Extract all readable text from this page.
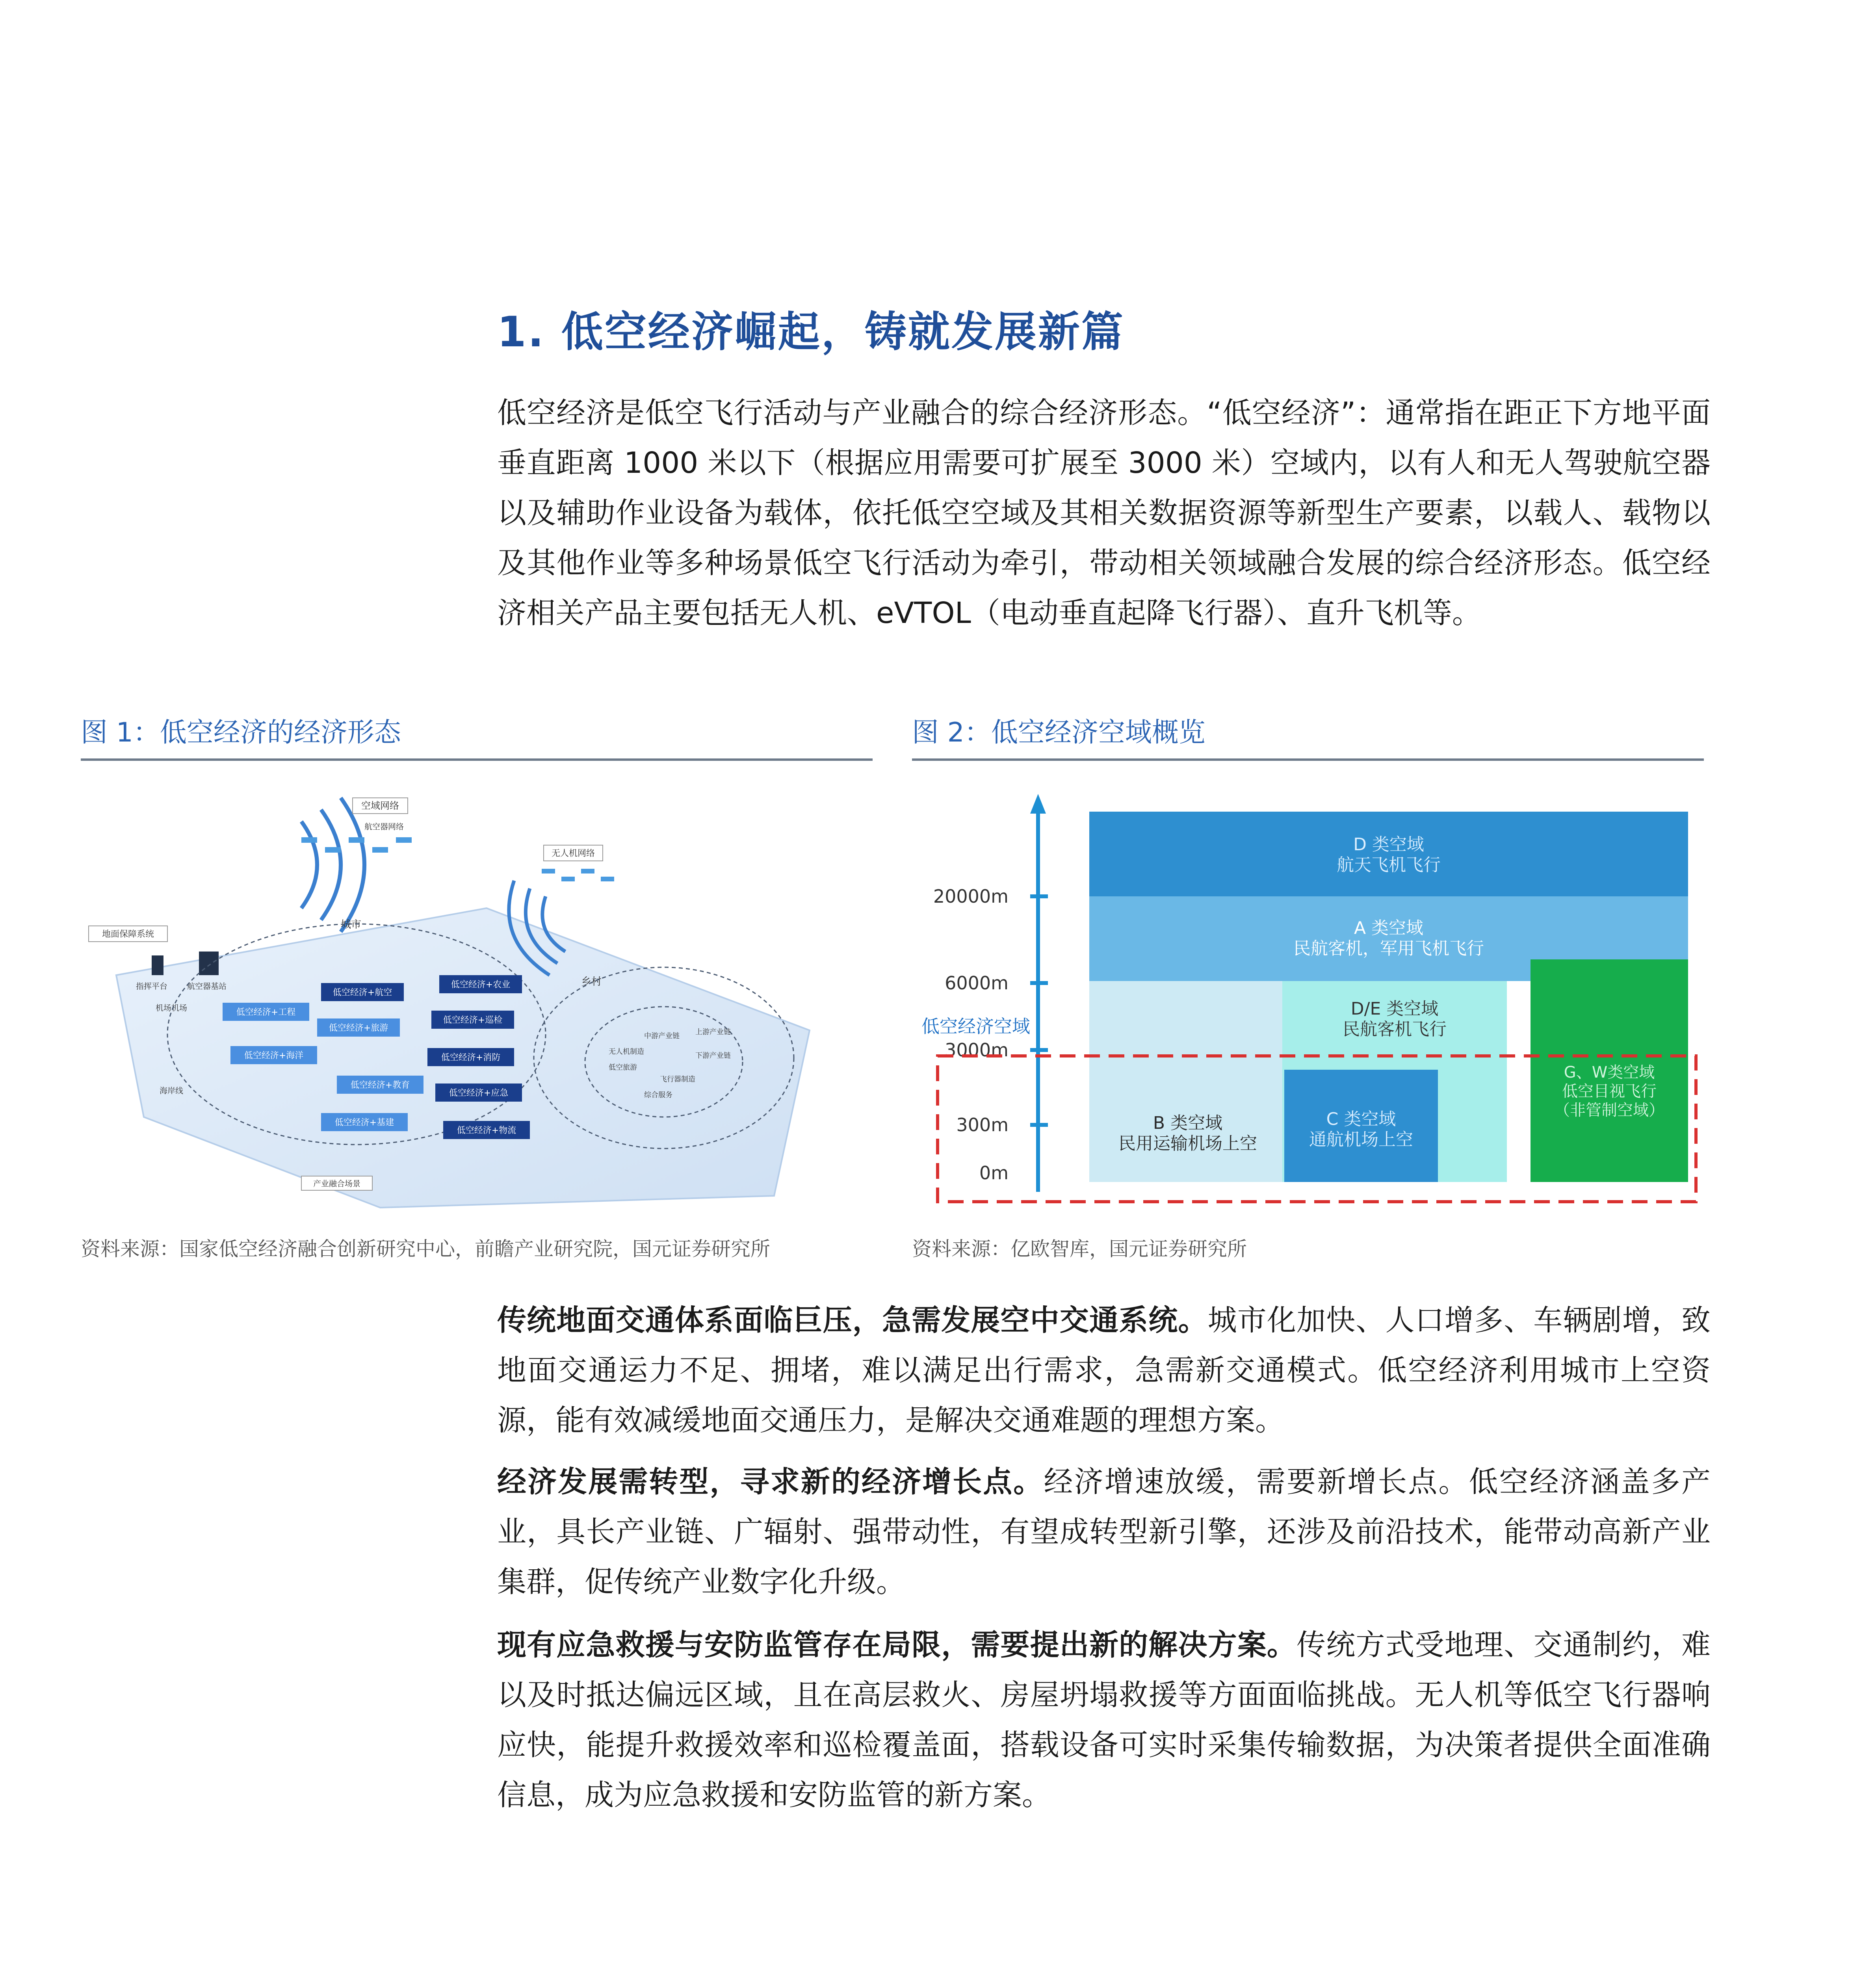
1. 低空经济崛起，铸就发展新篇
低空经济是低空飞行活动与产业融合的综合经济形态。“低空经济”：通常指在距正下方地平面垂直距离 1000 米以下（根据应用需要可扩展至 3000 米）空域内，以有人和无人驾驶航空器以及辅助作业设备为载体，依托低空空域及其相关数据资源等新型生产要素，以载人、载物以及其他作业等多种场景低空飞行活动为牵引，带动相关领域融合发展的综合经济形态。低空经济相关产品主要包括无人机、eVTOL（电动垂直起降飞行器）、直升飞机等。
图 1：低空经济的经济形态	图 2：低空经济空域概览
空域网络
航空器网络
无人机网络
地面保障系统
城市
乡村
指挥平台	航空器基站
机场机场
海岸线
产业融合场景
低空经济+工程
低空经济+航空
低空经济+农业
低空经济+旅游
低空经济+巡检
低空经济+海洋	低空经济+消防
低空经济+教育
低空经济+应急
低空经济+基建
低空经济+物流
无人机制造
低空旅游
飞行器制造
综合服务
中游产业链 上游产业链
下游产业链
20000m
6000m
3000m
300m
0m
低空经济空域
D 类空域
航天飞机飞行
A 类空域
民航客机，军用飞机飞行
D/E 类空域
民航客机飞行
B 类空域
民用运输机场上空
C 类空域
通航机场上空
G、W类空域
低空目视飞行
（非管制空域）
资料来源：国家低空经济融合创新研究中心，前瞻产业研究院，国元证券研究所	资料来源：亿欧智库，国元证券研究所
传统地面交通体系面临巨压，急需发展空中交通系统。城市化加快、人口增多、车辆剧增，致地面交通运力不足、拥堵，难以满足出行需求，急需新交通模式。低空经济利用城市上空资源，能有效减缓地面交通压力，是解决交通难题的理想方案。
经济发展需转型，寻求新的经济增长点。经济增速放缓，需要新增长点。低空经济涵盖多产业，具长产业链、广辐射、强带动性，有望成转型新引擎，还涉及前沿技术，能带动高新产业集群，促传统产业数字化升级。
现有应急救援与安防监管存在局限，需要提出新的解决方案。传统方式受地理、交通制约，难以及时抵达偏远区域，且在高层救火、房屋坍塌救援等方面面临挑战。无人机等低空飞行器响应快，能提升救援效率和巡检覆盖面，搭载设备可实时采集传输数据，为决策者提供全面准确信息，成为应急救援和安防监管的新方案。
